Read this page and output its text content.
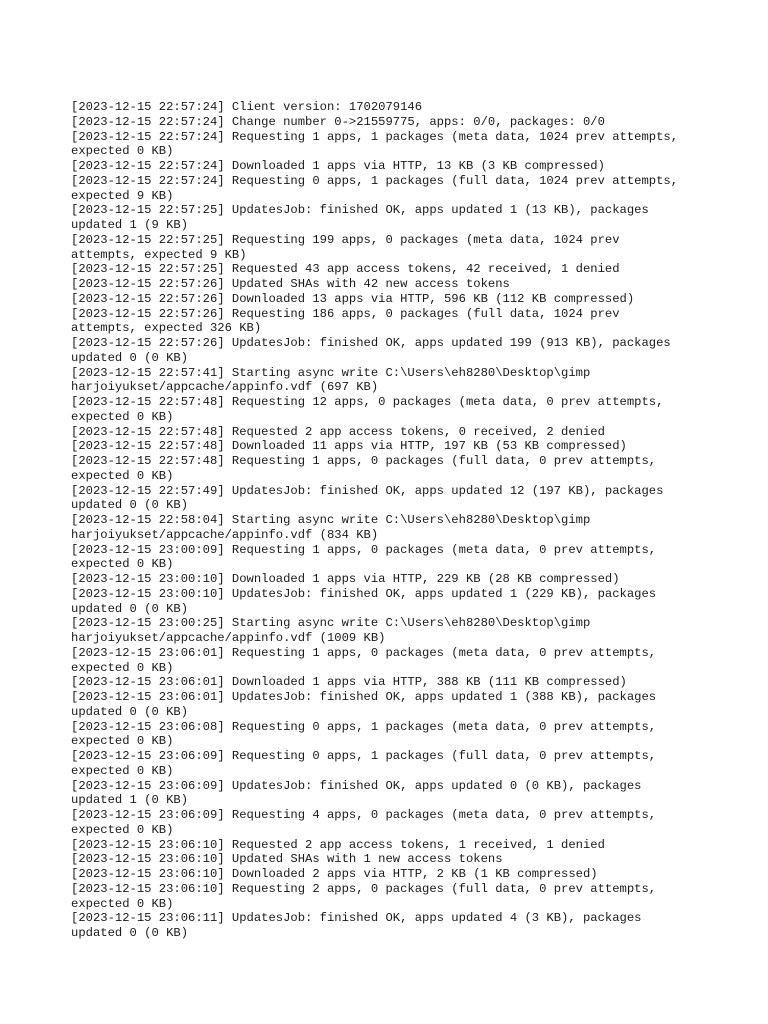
[2023-12-15 22:57:24] Client version: 1702079146
[2023-12-15 22:57:24] Change number 0->21559775, apps: 0/0, packages: 0/0
[2023-12-15 22:57:24] Requesting 1 apps, 1 packages (meta data, 1024 prev attempts,
expected 0 KB)
[2023-12-15 22:57:24] Downloaded 1 apps via HTTP, 13 KB (3 KB compressed)
[2023-12-15 22:57:24] Requesting 0 apps, 1 packages (full data, 1024 prev attempts,
expected 9 KB)
[2023-12-15 22:57:25] UpdatesJob: finished OK, apps updated 1 (13 KB), packages
updated 1 (9 KB)
[2023-12-15 22:57:25] Requesting 199 apps, 0 packages (meta data, 1024 prev
attempts, expected 9 KB)
[2023-12-15 22:57:25] Requested 43 app access tokens, 42 received, 1 denied
[2023-12-15 22:57:26] Updated SHAs with 42 new access tokens
[2023-12-15 22:57:26] Downloaded 13 apps via HTTP, 596 KB (112 KB compressed)
[2023-12-15 22:57:26] Requesting 186 apps, 0 packages (full data, 1024 prev
attempts, expected 326 KB)
[2023-12-15 22:57:26] UpdatesJob: finished OK, apps updated 199 (913 KB), packages
updated 0 (0 KB)
[2023-12-15 22:57:41] Starting async write C:\Users\eh8280\Desktop\gimp
harjoiyukset/appcache/appinfo.vdf (697 KB)
[2023-12-15 22:57:48] Requesting 12 apps, 0 packages (meta data, 0 prev attempts,
expected 0 KB)
[2023-12-15 22:57:48] Requested 2 app access tokens, 0 received, 2 denied
[2023-12-15 22:57:48] Downloaded 11 apps via HTTP, 197 KB (53 KB compressed)
[2023-12-15 22:57:48] Requesting 1 apps, 0 packages (full data, 0 prev attempts,
expected 0 KB)
[2023-12-15 22:57:49] UpdatesJob: finished OK, apps updated 12 (197 KB), packages
updated 0 (0 KB)
[2023-12-15 22:58:04] Starting async write C:\Users\eh8280\Desktop\gimp
harjoiyukset/appcache/appinfo.vdf (834 KB)
[2023-12-15 23:00:09] Requesting 1 apps, 0 packages (meta data, 0 prev attempts,
expected 0 KB)
[2023-12-15 23:00:10] Downloaded 1 apps via HTTP, 229 KB (28 KB compressed)
[2023-12-15 23:00:10] UpdatesJob: finished OK, apps updated 1 (229 KB), packages
updated 0 (0 KB)
[2023-12-15 23:00:25] Starting async write C:\Users\eh8280\Desktop\gimp
harjoiyukset/appcache/appinfo.vdf (1009 KB)
[2023-12-15 23:06:01] Requesting 1 apps, 0 packages (meta data, 0 prev attempts,
expected 0 KB)
[2023-12-15 23:06:01] Downloaded 1 apps via HTTP, 388 KB (111 KB compressed)
[2023-12-15 23:06:01] UpdatesJob: finished OK, apps updated 1 (388 KB), packages
updated 0 (0 KB)
[2023-12-15 23:06:08] Requesting 0 apps, 1 packages (meta data, 0 prev attempts,
expected 0 KB)
[2023-12-15 23:06:09] Requesting 0 apps, 1 packages (full data, 0 prev attempts,
expected 0 KB)
[2023-12-15 23:06:09] UpdatesJob: finished OK, apps updated 0 (0 KB), packages
updated 1 (0 KB)
[2023-12-15 23:06:09] Requesting 4 apps, 0 packages (meta data, 0 prev attempts,
expected 0 KB)
[2023-12-15 23:06:10] Requested 2 app access tokens, 1 received, 1 denied
[2023-12-15 23:06:10] Updated SHAs with 1 new access tokens
[2023-12-15 23:06:10] Downloaded 2 apps via HTTP, 2 KB (1 KB compressed)
[2023-12-15 23:06:10] Requesting 2 apps, 0 packages (full data, 0 prev attempts,
expected 0 KB)
[2023-12-15 23:06:11] UpdatesJob: finished OK, apps updated 4 (3 KB), packages
updated 0 (0 KB)
